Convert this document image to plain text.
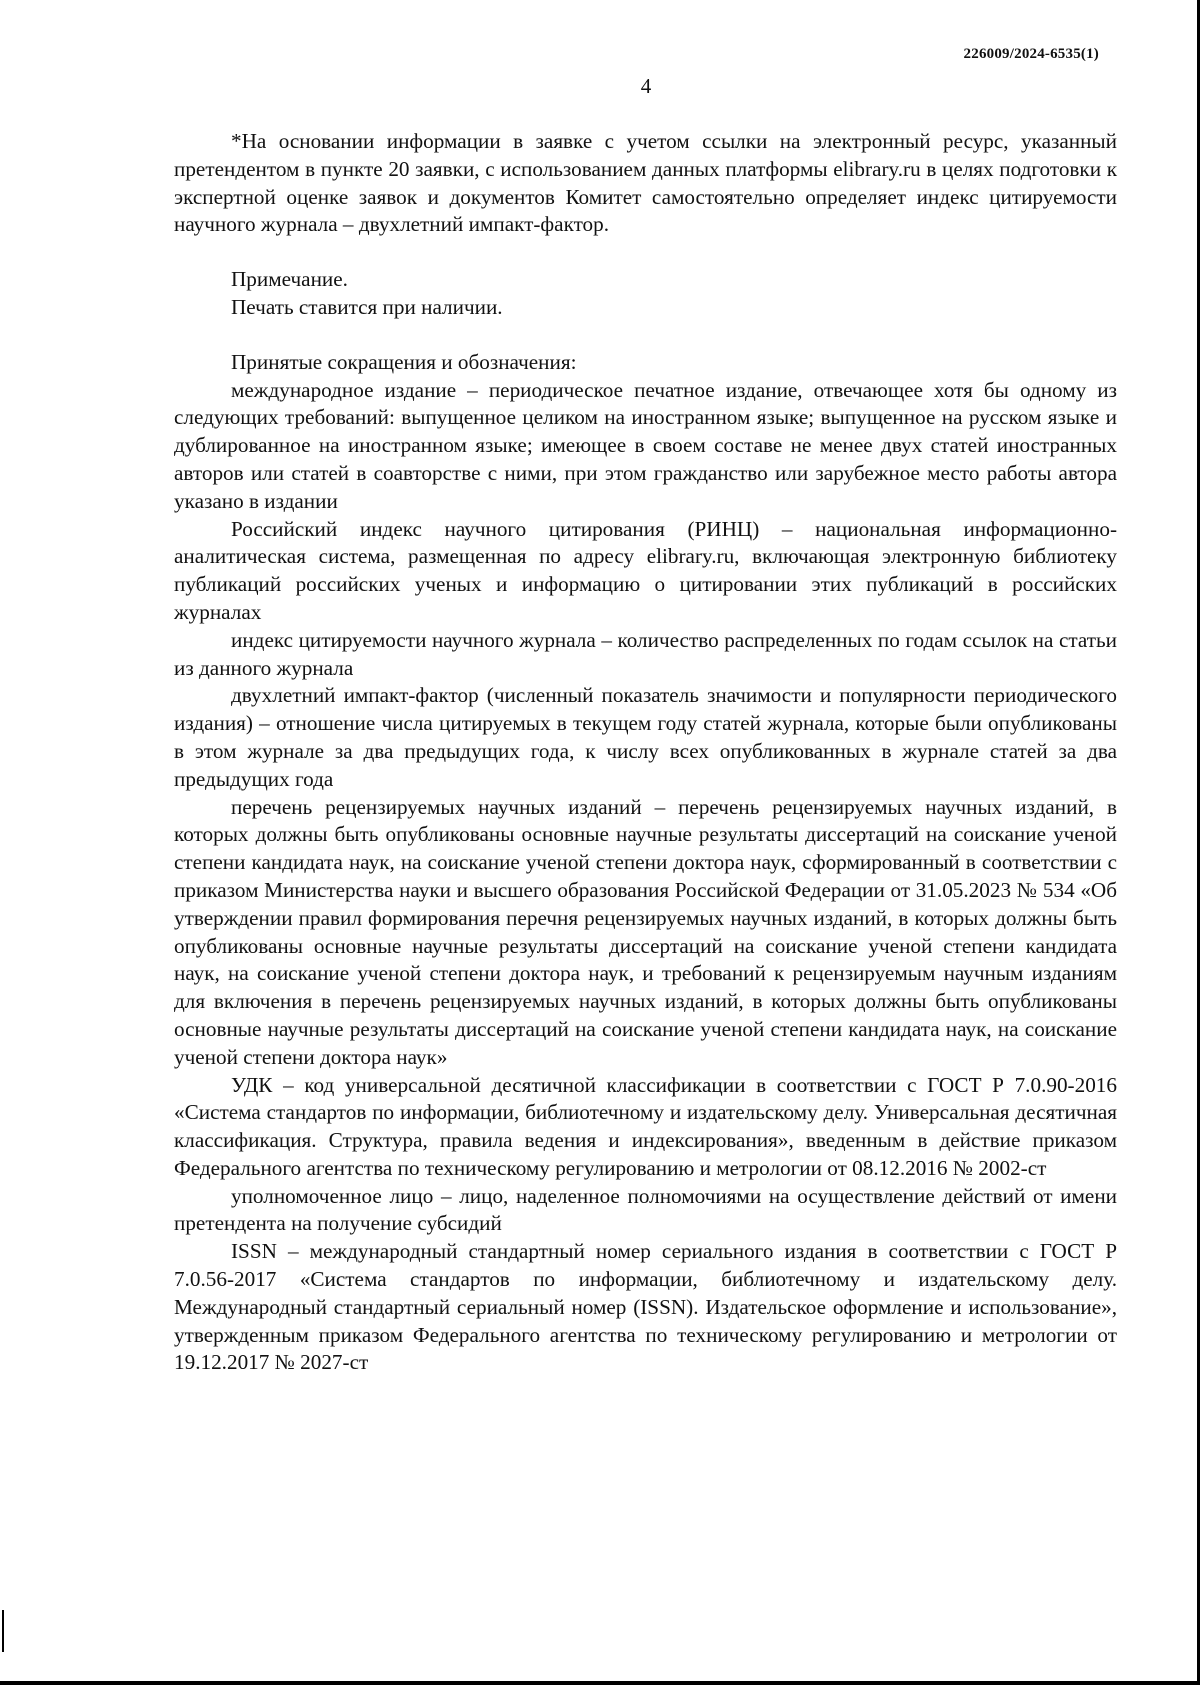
226009/2024-6535(1)
4

*На основании информации в заявке с учетом ссылки на электронный ресурс, указанный претендентом в пункте 20 заявки, с использованием данных платформы elibrary.ru в целях подготовки к экспертной оценке заявок и документов Комитет самостоятельно определяет индекс цитируемости научного журнала – двухлетний импакт-фактор.

Примечание.

Печать ставится при наличии.

Принятые сокращения и обозначения:

международное издание – периодическое печатное издание, отвечающее хотя бы одному из следующих требований: выпущенное целиком на иностранном языке; выпущенное на русском языке и дублированное на иностранном языке; имеющее в своем составе не менее двух статей иностранных авторов или статей в соавторстве с ними, при этом гражданство или зарубежное место работы автора указано в издании

Российский индекс научного цитирования (РИНЦ) – национальная информационно-аналитическая система, размещенная по адресу elibrary.ru, включающая электронную библиотеку публикаций российских ученых и информацию о цитировании этих публикаций в российских журналах

индекс цитируемости научного журнала – количество распределенных по годам ссылок на статьи из данного журнала

двухлетний импакт-фактор (численный показатель значимости и популярности периодического издания) – отношение числа цитируемых в текущем году статей журнала, которые были опубликованы в этом журнале за два предыдущих года, к числу всех опубликованных в журнале статей за два предыдущих года

перечень рецензируемых научных изданий – перечень рецензируемых научных изданий, в которых должны быть опубликованы основные научные результаты диссертаций на соискание ученой степени кандидата наук, на соискание ученой степени доктора наук, сформированный в соответствии с приказом Министерства науки и высшего образования Российской Федерации от 31.05.2023 № 534 «Об утверждении правил формирования перечня рецензируемых научных изданий, в которых должны быть опубликованы основные научные результаты диссертаций на соискание ученой степени кандидата наук, на соискание ученой степени доктора наук, и требований к рецензируемым научным изданиям для включения в перечень рецензируемых научных изданий, в которых должны быть опубликованы основные научные результаты диссертаций на соискание ученой степени кандидата наук, на соискание ученой степени доктора наук»

УДК – код универсальной десятичной классификации в соответствии с ГОСТ Р 7.0.90-2016 «Система стандартов по информации, библиотечному и издательскому делу. Универсальная десятичная классификация. Структура, правила ведения и индексирования», введенным в действие приказом Федерального агентства по техническому регулированию и метрологии от 08.12.2016 № 2002-ст

уполномоченное лицо – лицо, наделенное полномочиями на осуществление действий от имени претендента на получение субсидий

ISSN – международный стандартный номер сериального издания в соответствии с ГОСТ Р 7.0.56-2017 «Система стандартов по информации, библиотечному и издательскому делу. Международный стандартный сериальный номер (ISSN). Издательское оформление и использование», утвержденным приказом Федерального агентства по техническому регулированию и метрологии от 19.12.2017 № 2027-ст
